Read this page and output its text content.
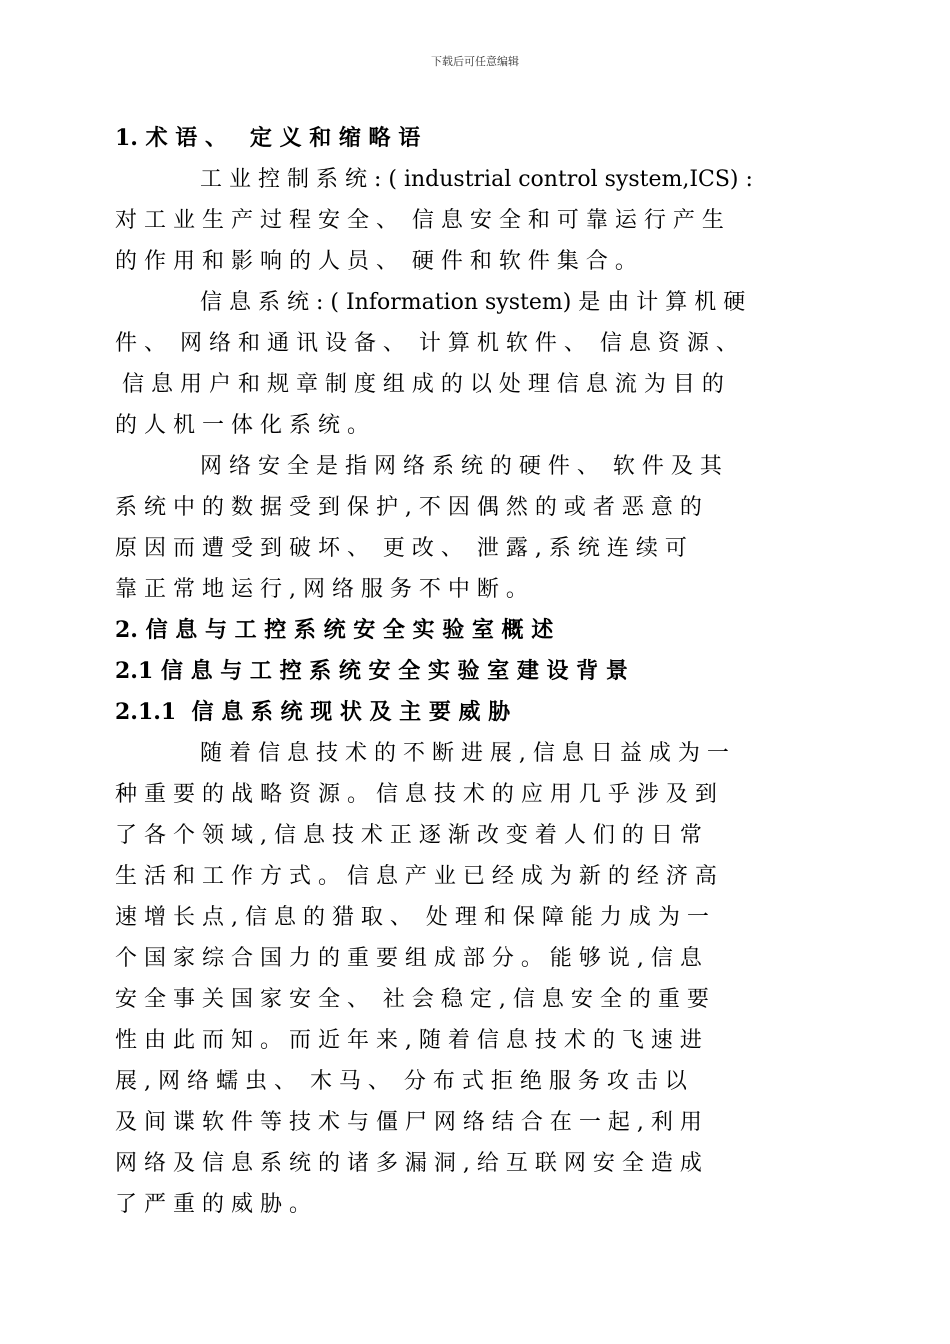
下载后可任意编辑
1. 术 语 、   定 义 和 缩 略 语
工 业 控 制 系 统 : ( industrial control system,ICS) :
对 工 业 生 产 过 程 安 全 、  信 息 安 全 和 可 靠 运 行 产 生
的 作 用 和 影 响 的 人 员 、  硬 件 和 软 件 集 合 。
信 息 系 统 : ( Information system) 是 由 计 算 机 硬
件 、  网 络 和 通 讯 设 备 、  计 算 机 软 件 、  信 息 资 源 、
信 息 用 户 和 规 章 制 度 组 成 的 以 处 理 信 息 流 为 目 的
的 人 机 一 体 化 系 统 。
网 络 安 全 是 指 网 络 系 统 的 硬 件 、  软 件 及 其
系 统 中 的 数 据 受 到 保 护 , 不 因 偶 然 的 或 者 恶 意 的
原 因 而 遭 受 到 破 坏 、  更 改 、  泄 露 , 系 统 连 续 可
靠 正 常 地 运 行 , 网 络 服 务 不 中 断 。
2. 信 息 与 工 控 系 统 安 全 实 验 室 概 述
2.1 信 息 与 工 控 系 统 安 全 实 验 室 建 设 背 景
2.1.1  信 息 系 统 现 状 及 主 要 威 胁
随 着 信 息 技 术 的 不 断 进 展 , 信 息 日 益 成 为 一
种 重 要 的 战 略 资 源 。 信 息 技 术 的 应 用 几 乎 涉 及 到
了 各 个 领 域 , 信 息 技 术 正 逐 渐 改 变 着 人 们 的 日 常
生 活 和 工 作 方 式 。 信 息 产 业 已 经 成 为 新 的 经 济 高
速 增 长 点 , 信 息 的 猎 取 、  处 理 和 保 障 能 力 成 为 一
个 国 家 综 合 国 力 的 重 要 组 成 部 分 。 能 够 说 , 信 息
安 全 事 关 国 家 安 全 、  社 会 稳 定 , 信 息 安 全 的 重 要
性 由 此 而 知 。 而 近 年 来 , 随 着 信 息 技 术 的 飞 速 进
展 , 网 络 蠕 虫 、  木 马 、  分 布 式 拒 绝 服 务 攻 击 以
及 间 谍 软 件 等 技 术 与 僵 尸 网 络 结 合 在 一 起 , 利 用
网 络 及 信 息 系 统 的 诸 多 漏 洞 , 给 互 联 网 安 全 造 成
了 严 重 的 威 胁 。
